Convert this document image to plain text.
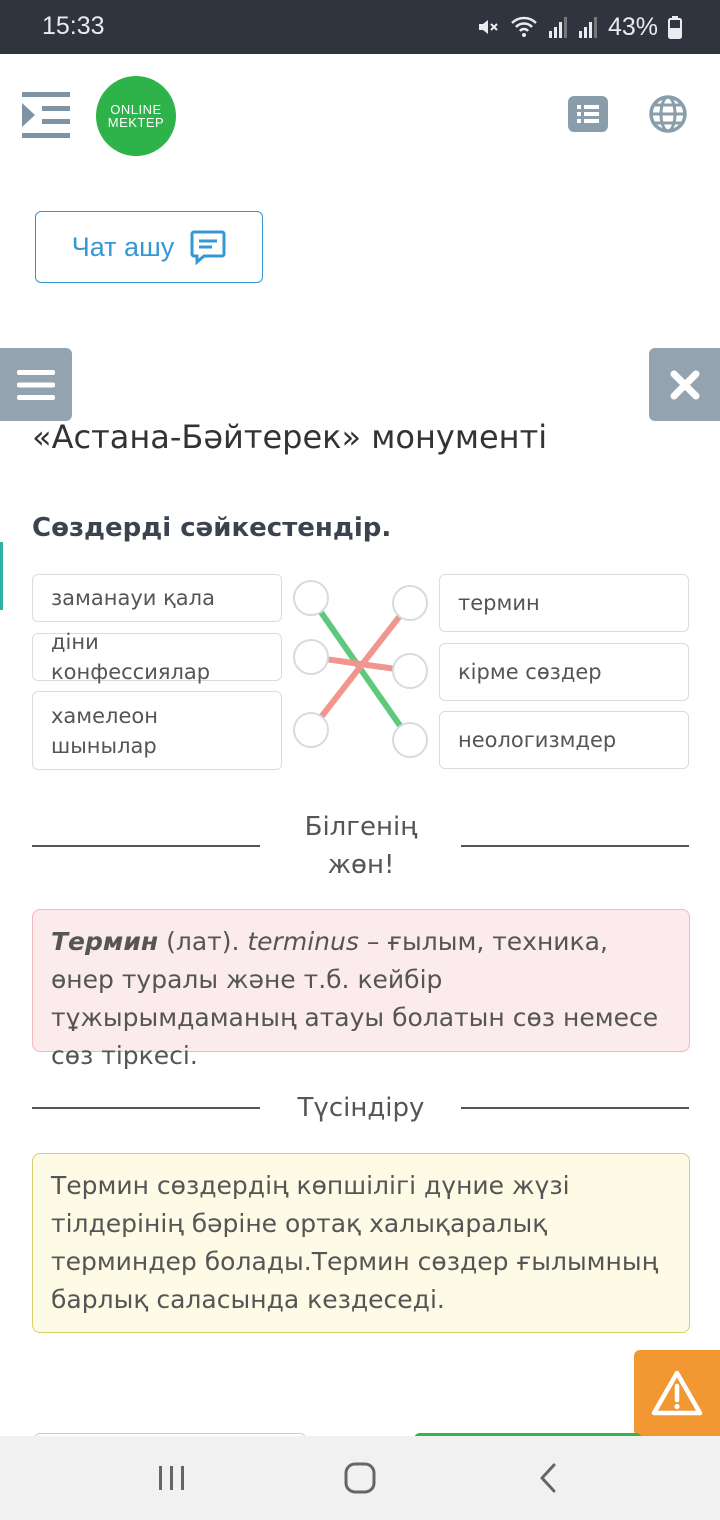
15:33	43%
ONLINE
MEKTEP
Чат ашу
«Астана-Бәйтерек» монументі
Сөздерді сәйкестендір.
заманауи қала
діни конфессиялар
хамелеон шынылар
термин
кірме сөздер
неологизмдер
Білгенің жөн!
Термин (лат). terminus – ғылым, техника, өнер туралы және т.б. кейбір тұжырымдаманың атауы болатын сөз немесе сөз тіркесі.
Түсіндіру
Термин сөздердің көпшілігі дүние жүзі тілдерінің бәріне ортақ халықаралық терминдер болады.Термин сөздер ғылымның барлық саласында кездеседі.
